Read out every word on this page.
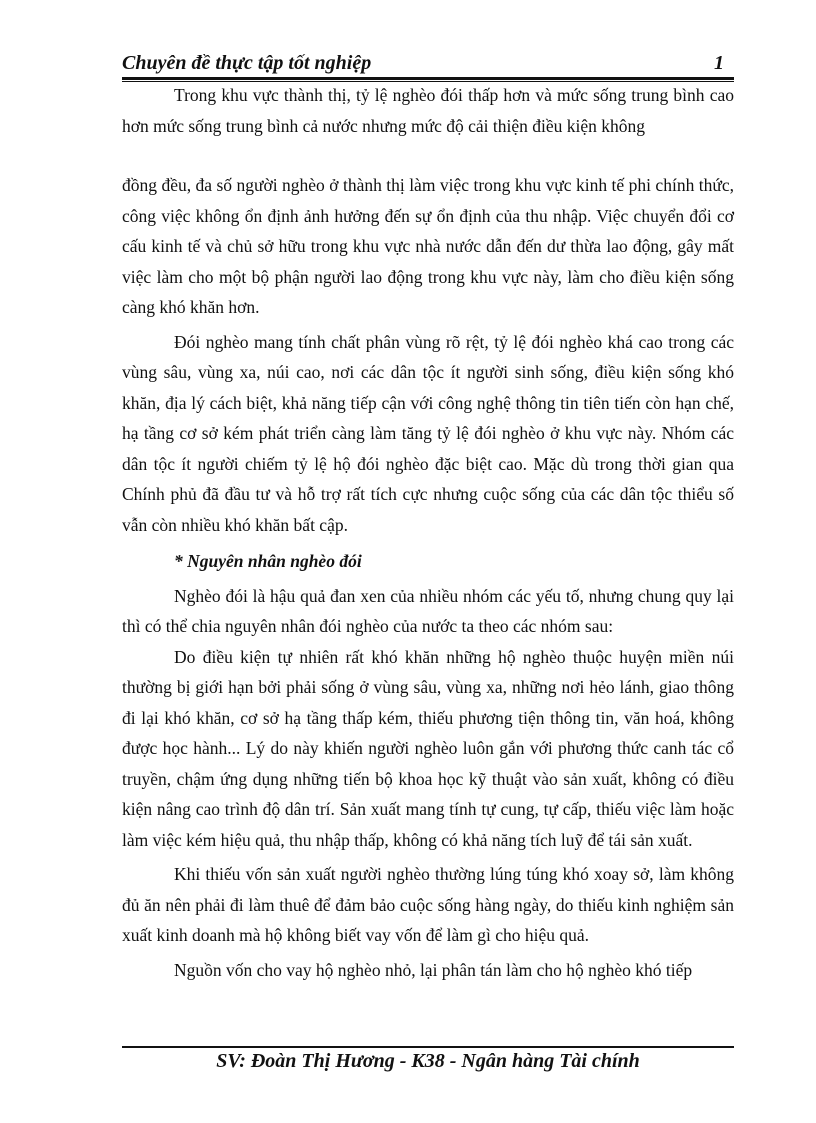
Chuyên đề thực tập tốt nghiệp	1

Trong khu vực thành thị, tỷ lệ nghèo đói thấp hơn và mức sống trung bình cao hơn mức sống trung bình cả nước nhưng mức độ cải thiện điều kiện không

đồng đều, đa số người nghèo ở thành thị làm việc trong khu vực kinh tế phi chính thức, công việc không ổn định ảnh hưởng đến sự ổn định của thu nhập. Việc chuyển đổi cơ cấu kinh tế và chủ sở hữu trong khu vực nhà nước dẫn đến dư thừa lao động, gây mất việc làm cho một bộ phận người lao động trong khu vực này, làm cho điều kiện sống càng khó khăn hơn.

Đói nghèo mang tính chất phân vùng rõ rệt, tỷ lệ đói nghèo khá cao trong các vùng sâu, vùng xa, núi cao, nơi các dân tộc ít người sinh sống, điều kiện sống khó khăn, địa lý cách biệt, khả năng tiếp cận với công nghệ thông tin tiên tiến còn hạn chế, hạ tầng cơ sở kém phát triển càng làm tăng tỷ lệ đói nghèo ở khu vực này. Nhóm các dân tộc ít người chiếm tỷ lệ hộ đói nghèo đặc biệt cao. Mặc dù trong thời gian qua Chính phủ đã đầu tư và hỗ trợ rất tích cực nhưng cuộc sống của các dân tộc thiểu số vẫn còn nhiều khó khăn bất cập.

* Nguyên nhân nghèo đói

Nghèo đói là hậu quả đan xen của nhiều nhóm các yếu tố, nhưng chung quy lại thì có thể chia nguyên nhân đói nghèo của nước ta theo các nhóm sau:

Do điều kiện tự nhiên rất khó khăn những hộ nghèo thuộc huyện miền núi thường bị giới hạn bởi phải sống ở vùng sâu, vùng xa, những nơi hẻo lánh, giao thông đi lại khó khăn, cơ sở hạ tầng thấp kém, thiếu phương tiện thông tin, văn hoá, không được học hành... Lý do này khiến người nghèo luôn gắn với phương thức canh tác cổ truyền, chậm ứng dụng những tiến bộ khoa học kỹ thuật vào sản xuất, không có điều kiện nâng cao trình độ dân trí. Sản xuất mang tính tự cung, tự cấp, thiếu việc làm hoặc làm việc kém hiệu quả, thu nhập thấp, không có khả năng tích luỹ để tái sản xuất.

Khi thiếu vốn sản xuất người nghèo thường lúng túng khó xoay sở, làm không đủ ăn nên phải đi làm thuê để đảm bảo cuộc sống hàng ngày, do thiếu kinh nghiệm sản xuất kinh doanh mà hộ không biết vay vốn để làm gì cho hiệu quả.

Nguồn vốn cho vay hộ nghèo nhỏ, lại phân tán làm cho hộ nghèo khó tiếp

SV: Đoàn Thị Hương - K38 - Ngân hàng Tài chính
